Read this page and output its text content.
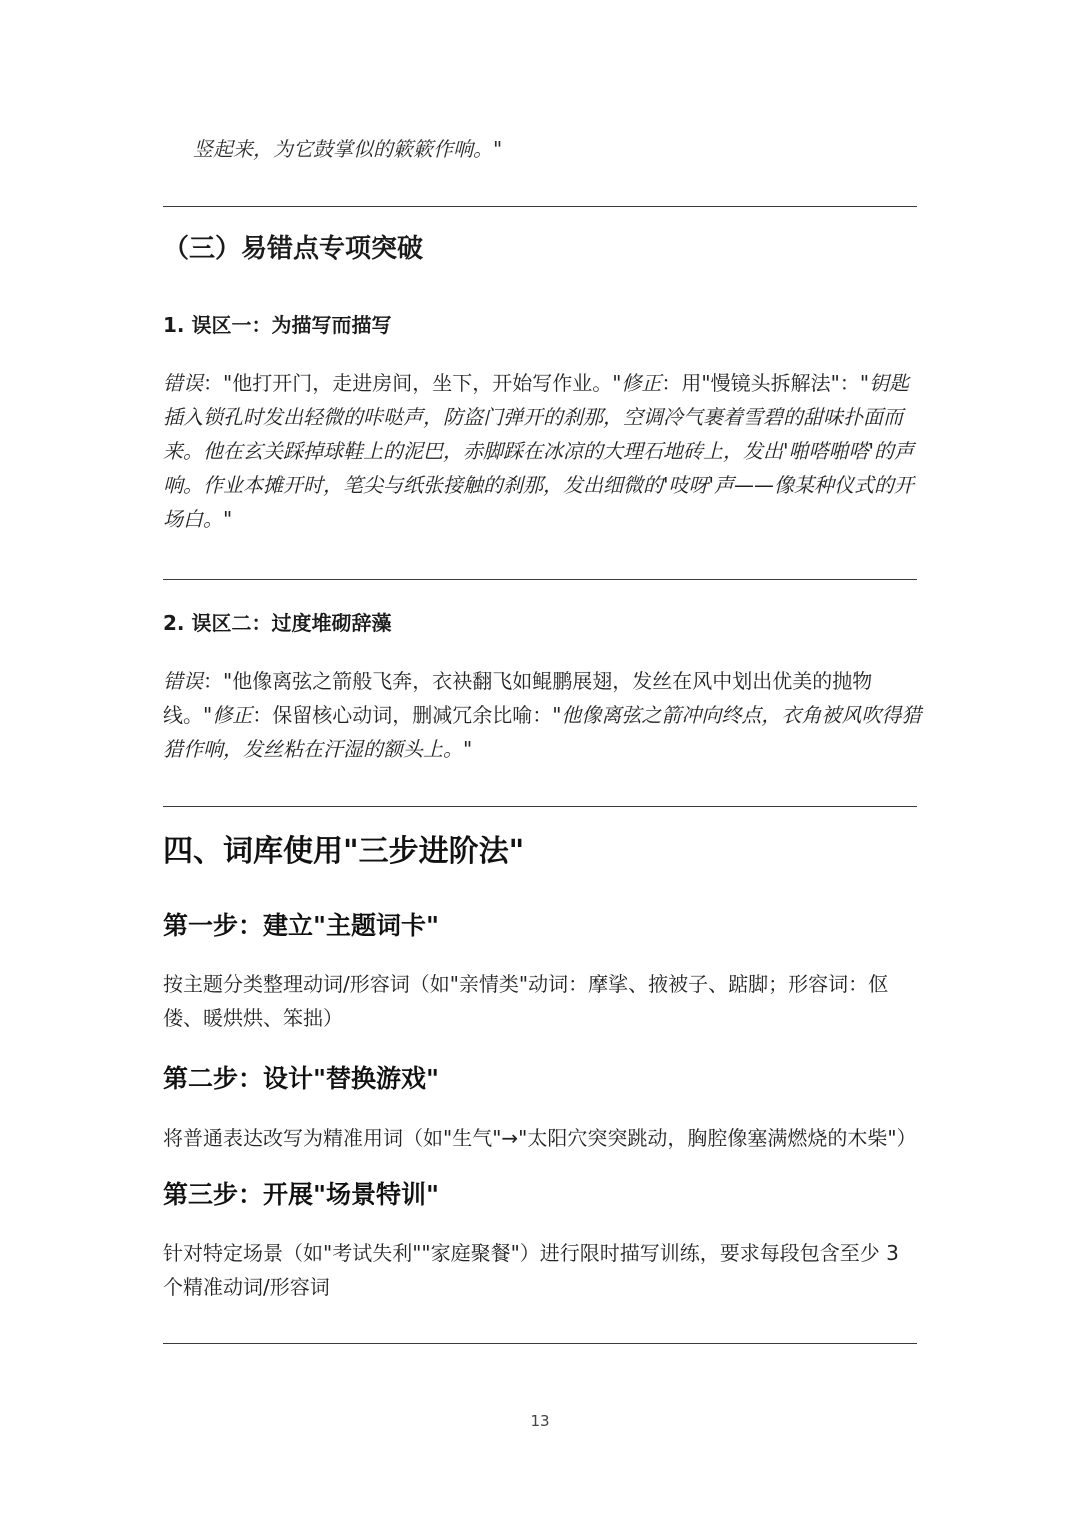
竖起来，为它鼓掌似的簌簌作响。"
（三）易错点专项突破
1. 误区一：为描写而描写
错误："他打开门，走进房间，坐下，开始写作业。"修正：用"慢镜头拆解法"："钥匙插入锁孔时发出轻微的咔哒声，防盗门弹开的刹那，空调冷气裹着雪碧的甜味扑面而来。他在玄关踩掉球鞋上的泥巴，赤脚踩在冰凉的大理石地砖上，发出'啪嗒啪嗒'的声响。作业本摊开时，笔尖与纸张接触的刹那，发出细微的'吱呀'声——像某种仪式的开场白。"
2. 误区二：过度堆砌辞藻
错误："他像离弦之箭般飞奔，衣袂翻飞如鲲鹏展翅，发丝在风中划出优美的抛物线。"修正：保留核心动词，删减冗余比喻："他像离弦之箭冲向终点，衣角被风吹得猎猎作响，发丝粘在汗湿的额头上。"
四、词库使用"三步进阶法"
第一步：建立"主题词卡"
按主题分类整理动词/形容词（如"亲情类"动词：摩挲、掖被子、踮脚；形容词：伛偻、暖烘烘、笨拙）
第二步：设计"替换游戏"
将普通表达改写为精准用词（如"生气"→"太阳穴突突跳动，胸腔像塞满燃烧的木柴"）
第三步：开展"场景特训"
针对特定场景（如"考试失利""家庭聚餐"）进行限时描写训练，要求每段包含至少 3 个精准动词/形容词
13
